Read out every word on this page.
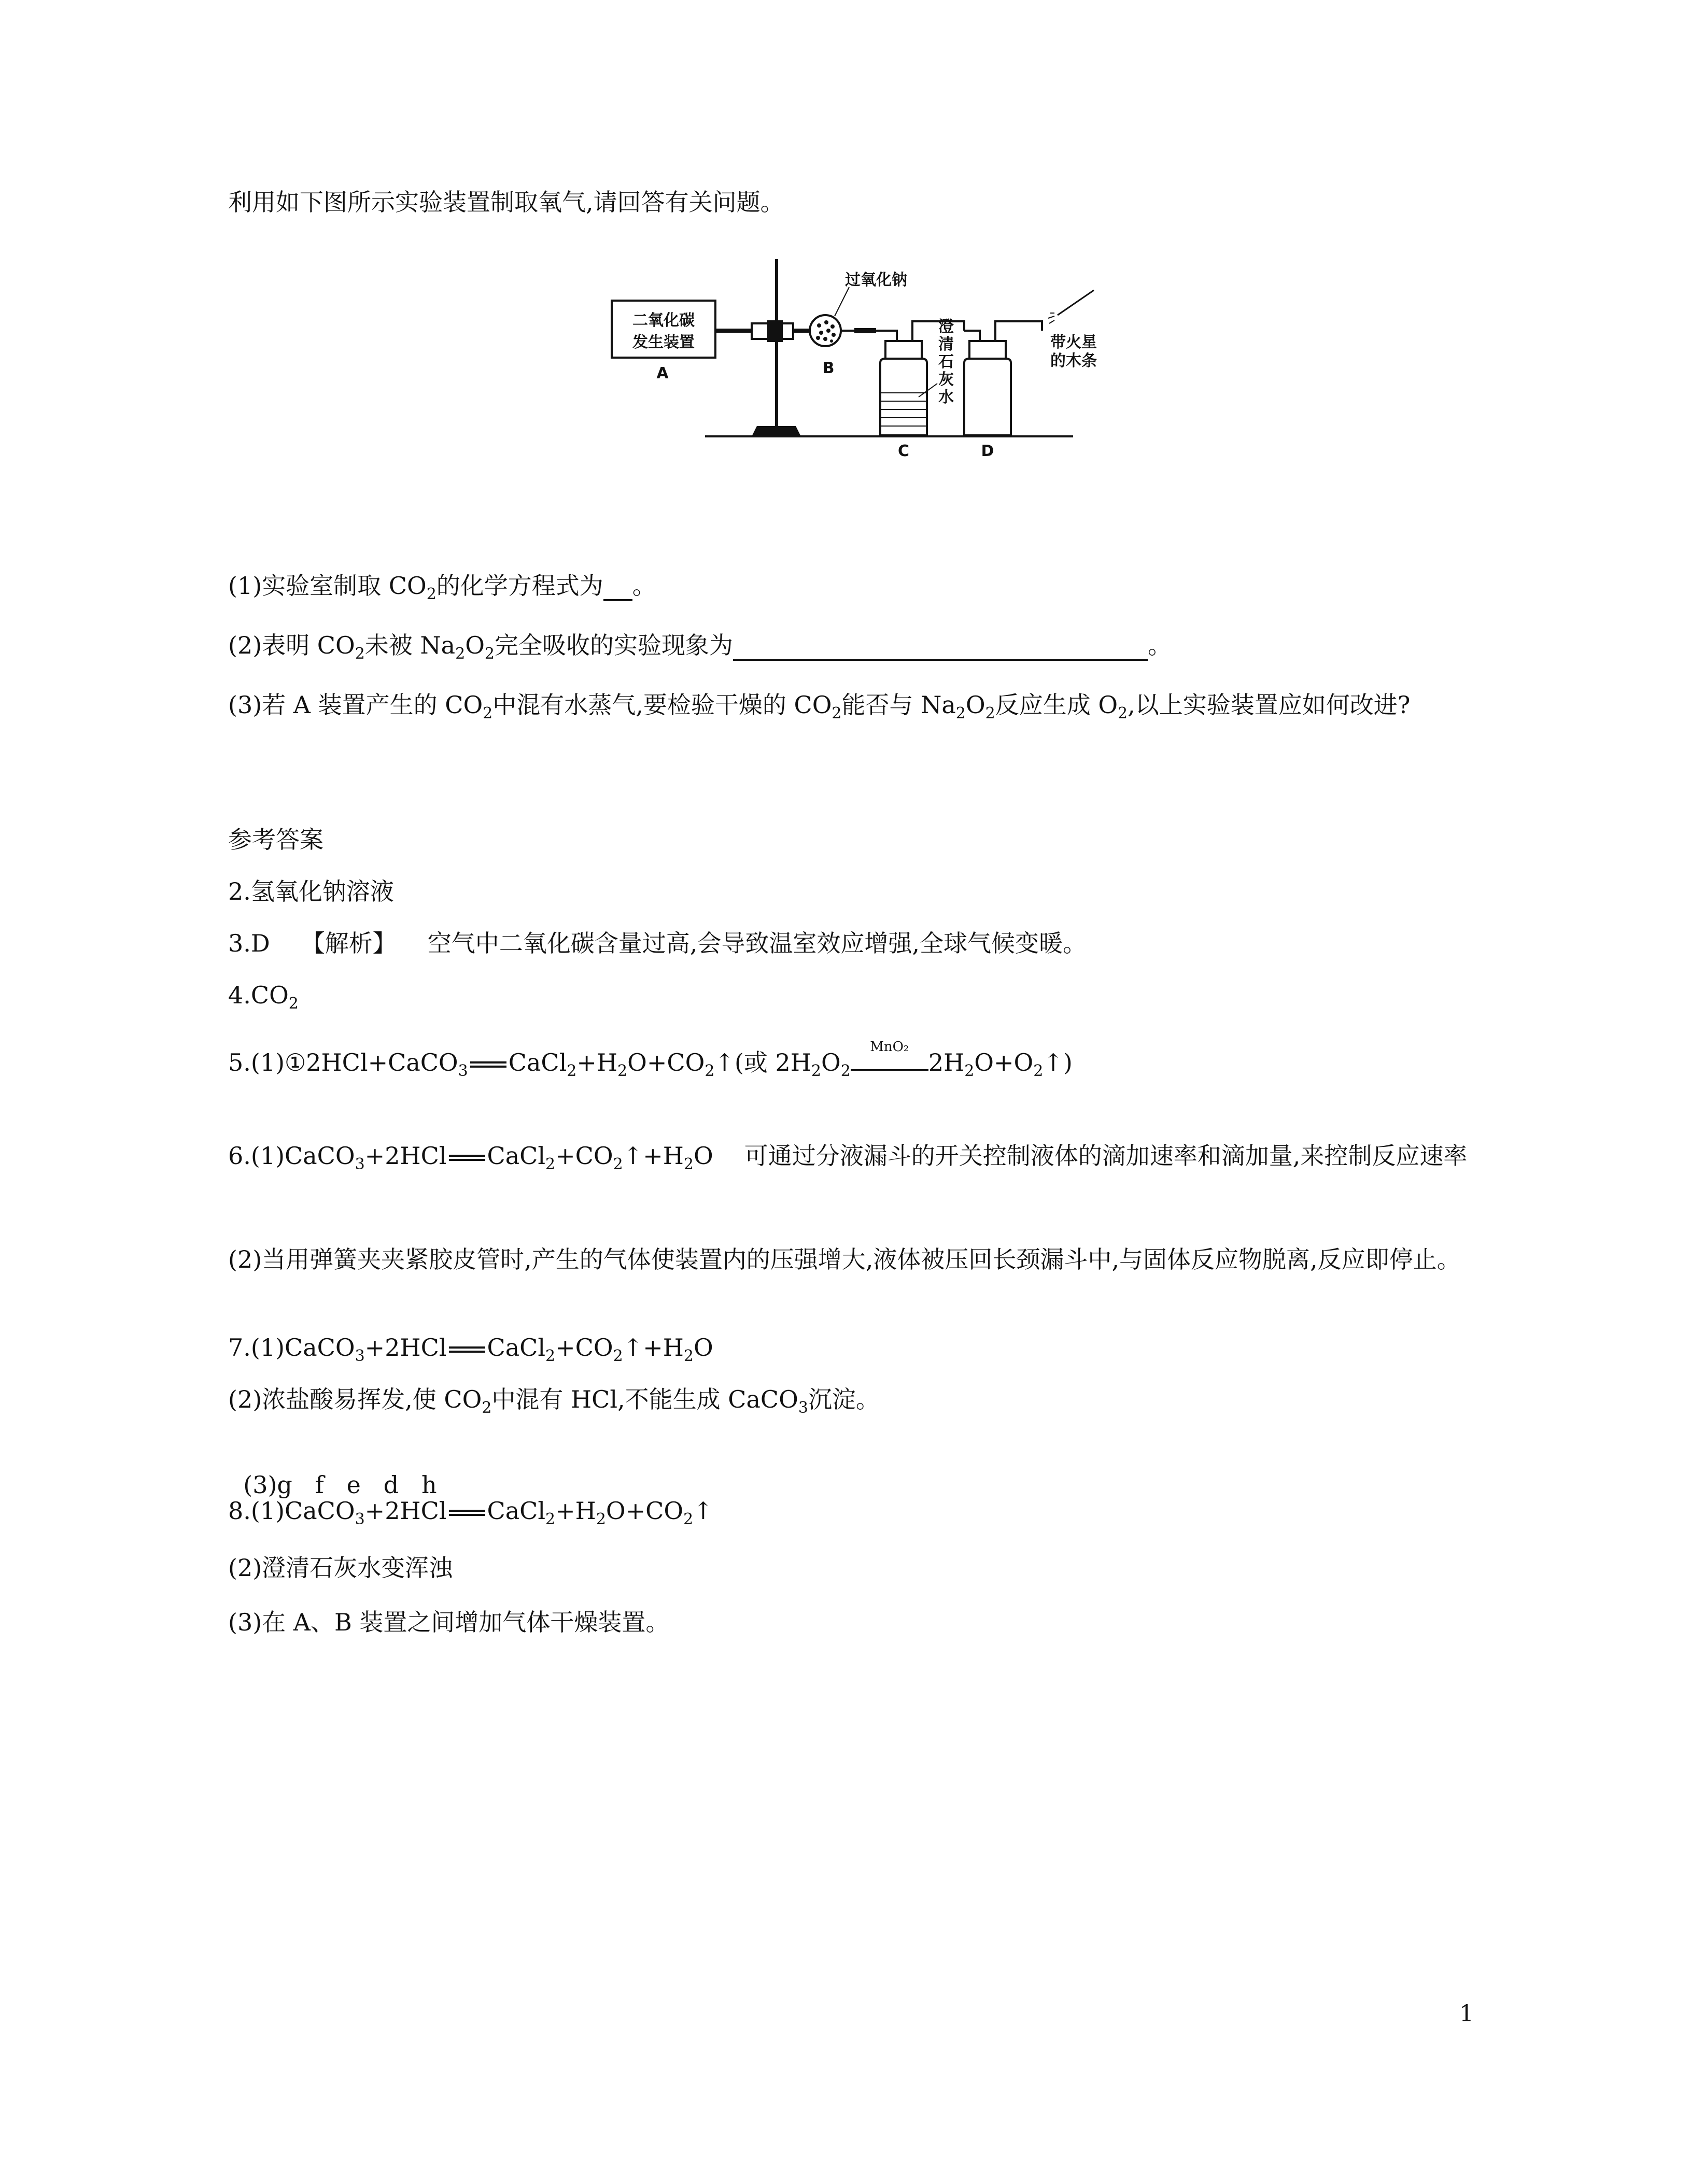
利用如下图所示实验装置制取氧气,请回答有关问题。
二氧化碳
发生装置
A
过氧化钠
B
C
澄
清
石
灰
水
D
带火星
的木条
(1)实验室制取 $CO_2$的化学方程式为 。
(2)表明 $CO_2$未被 $Na_2O_2$完全吸收的实验现象为	。
(3)若 A 装置产生的 $CO_2$中混有水蒸气,要检验干燥的 $CO_2$能否与 $Na_2O_2$反应生成 $O_2$,以上实验装置应如何改进?
参考答案
2.氢氧化钠溶液
3.D 【解析】 空气中二氧化碳含量过高,会导致温室效应增强,全球气候变暖。
$4.CO_2$
5.(1)①2HCl+CaCO$_3$ $CaCl_2+H_2O+CO_2↑$(或 $2H_2O_2$
MnO₂
$2H_2O+O_2↑$)
6.(1)CaCO$_3$+2HCl $CaCl_2+CO_2↑+H_2O$ 可通过分液漏斗的开关控制液体的滴加速率和滴加量,来控制反应速率
(2)当用弹簧夹夹紧胶皮管时,产生的气体使装置内的压强增大,液体被压回长颈漏斗中,与固体反应物脱离,反应即停止。
7.(1)CaCO$_3$+2HCl $CaCl_2+CO_2↑+H_2O$
(2)浓盐酸易挥发,使 $CO_2$中混有 HCl,不能生成 CaCO$_3$沉淀。

(3)g   f   e   d   h

8.(1)CaCO$_3$+2HCl $CaCl_2+H_2O+CO_2↑$
(2)澄清石灰水变浑浊
(3)在 A、B 装置之间增加气体干燥装置。
1
